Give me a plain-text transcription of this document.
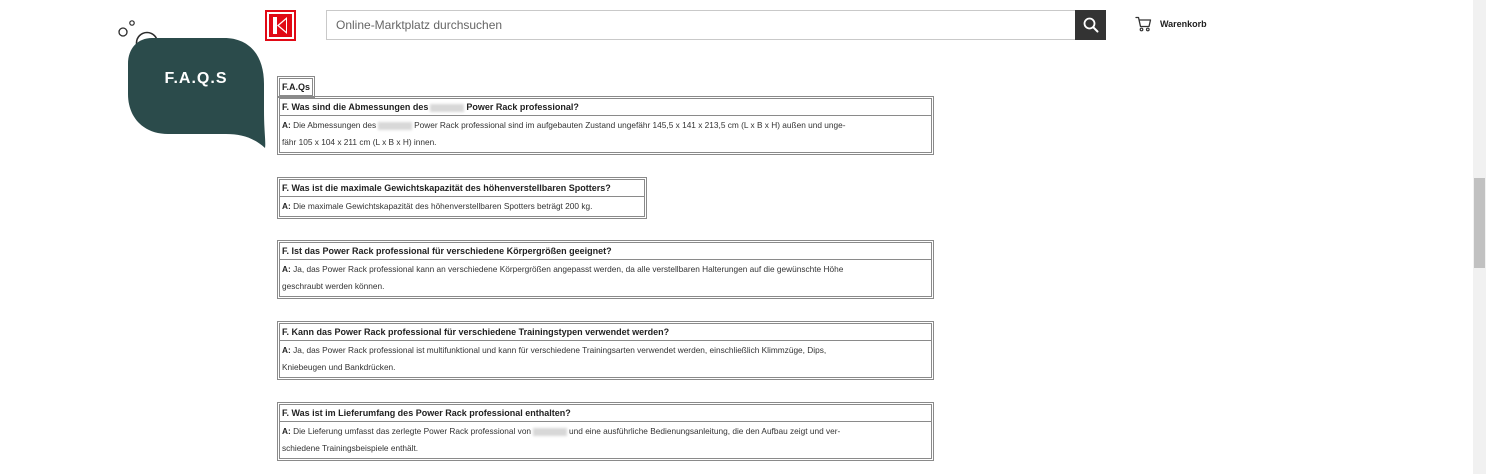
Online-Marktplatz durchsuchen
Warenkorb
F.A.Q.S	F.A.Qs
F. Was sind die Abmessungen des	Power Rack professional?
A: Die Abmessungen des	Power Rack professional sind im aufgebauten Zustand ungefähr 145,5 x 141 x 213,5 cm (L x B x H) außen und unge-
fähr 105 x 104 x 211 cm (L x B x H) innen.
F. Was ist die maximale Gewichtskapazität des höhenverstellbaren Spotters?
A: Die maximale Gewichtskapazität des höhenverstellbaren Spotters beträgt 200 kg.
F. Ist das Power Rack professional für verschiedene Körpergrößen geeignet?
A: Ja, das Power Rack professional kann an verschiedene Körpergrößen angepasst werden, da alle verstellbaren Halterungen auf die gewünschte Höhe
geschraubt werden können.
F. Kann das Power Rack professional für verschiedene Trainingstypen verwendet werden?
A: Ja, das Power Rack professional ist multifunktional und kann für verschiedene Trainingsarten verwendet werden, einschließlich Klimmzüge, Dips,
Kniebeugen und Bankdrücken.
F. Was ist im Lieferumfang des Power Rack professional enthalten?
A: Die Lieferung umfasst das zerlegte Power Rack professional von	und eine ausführliche Bedienungsanleitung, die den Aufbau zeigt und ver-
schiedene Trainingsbeispiele enthält.
